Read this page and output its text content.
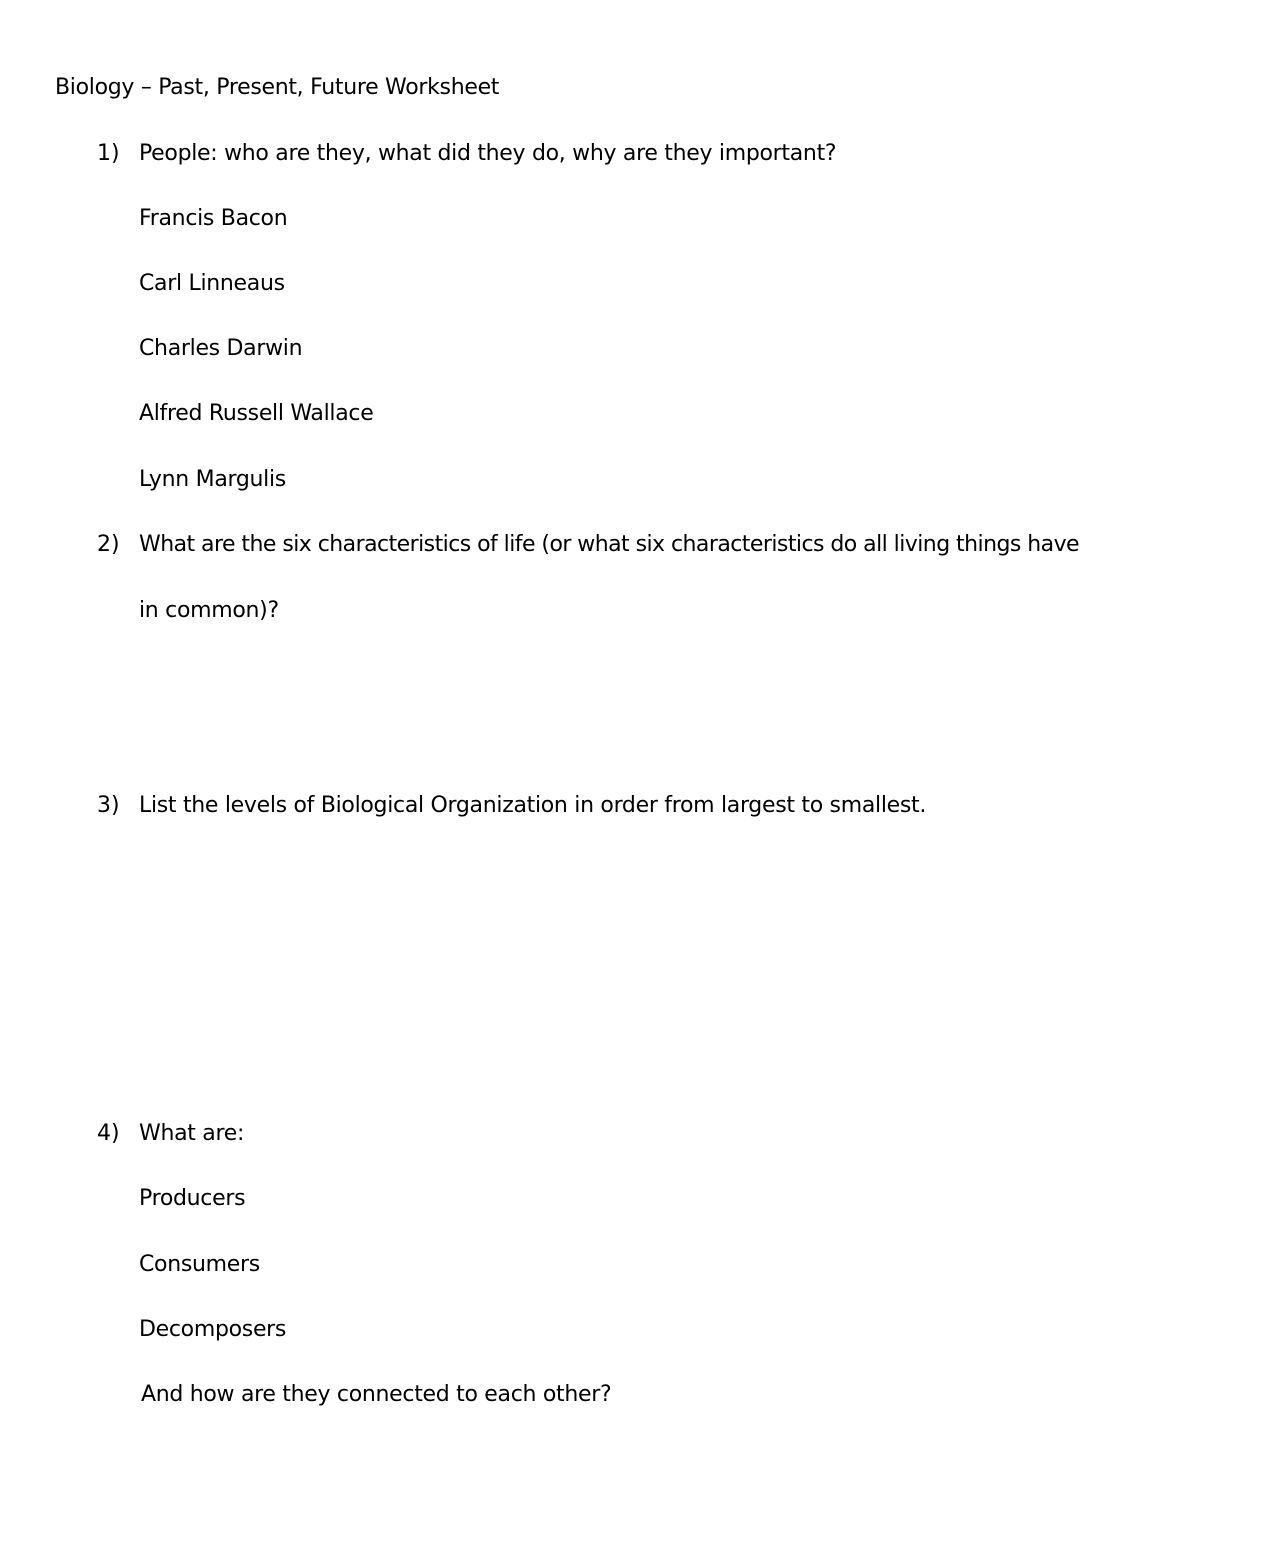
Biology – Past, Present, Future Worksheet
1) People: who are they, what did they do, why are they important?
Francis Bacon
Carl Linneaus
Charles Darwin
Alfred Russell Wallace
Lynn Margulis
2) What are the six characteristics of life (or what six characteristics do all living things have
in common)?
3) List the levels of Biological Organization in order from largest to smallest.
4) What are:
Producers
Consumers
Decomposers
And how are they connected to each other?
